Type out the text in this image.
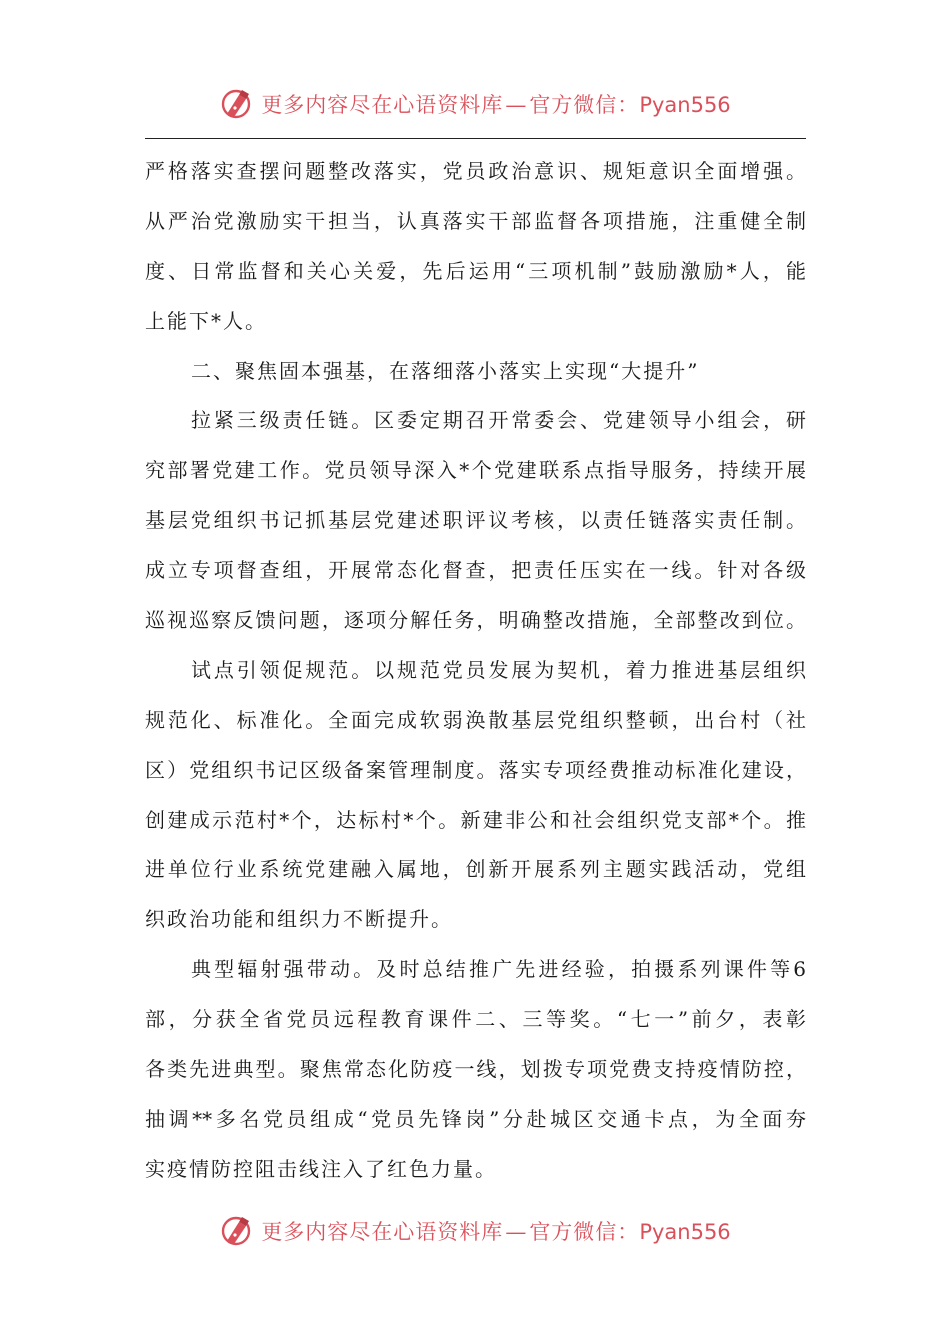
更多内容尽在心语资料库—官方微信：Pyan556
严格落实查摆问题整改落实，党员政治意识、规矩意识全面增强。
从严治党激励实干担当，认真落实干部监督各项措施，注重健全制
度、日常监督和关心关爱，先后运用“三项机制”鼓励激励*人，能
上能下*人。
二、聚焦固本强基，在落细落小落实上实现“大提升”
拉紧三级责任链。区委定期召开常委会、党建领导小组会，研
究部署党建工作。党员领导深入*个党建联系点指导服务，持续开展
基层党组织书记抓基层党建述职评议考核，以责任链落实责任制。
成立专项督查组，开展常态化督查，把责任压实在一线。针对各级
巡视巡察反馈问题，逐项分解任务，明确整改措施，全部整改到位。
试点引领促规范。以规范党员发展为契机，着力推进基层组织
规范化、标准化。全面完成软弱涣散基层党组织整顿，出台村（社
区）党组织书记区级备案管理制度。落实专项经费推动标准化建设，
创建成示范村*个，达标村*个。新建非公和社会组织党支部*个。推
进单位行业系统党建融入属地，创新开展系列主题实践活动，党组
织政治功能和组织力不断提升。
典型辐射强带动。及时总结推广先进经验，拍摄系列课件等6
部，分获全省党员远程教育课件二、三等奖。“七一”前夕，表彰
各类先进典型。聚焦常态化防疫一线，划拨专项党费支持疫情防控，
抽调**多名党员组成“党员先锋岗”分赴城区交通卡点，为全面夯
实疫情防控阻击线注入了红色力量。
更多内容尽在心语资料库—官方微信：Pyan556
